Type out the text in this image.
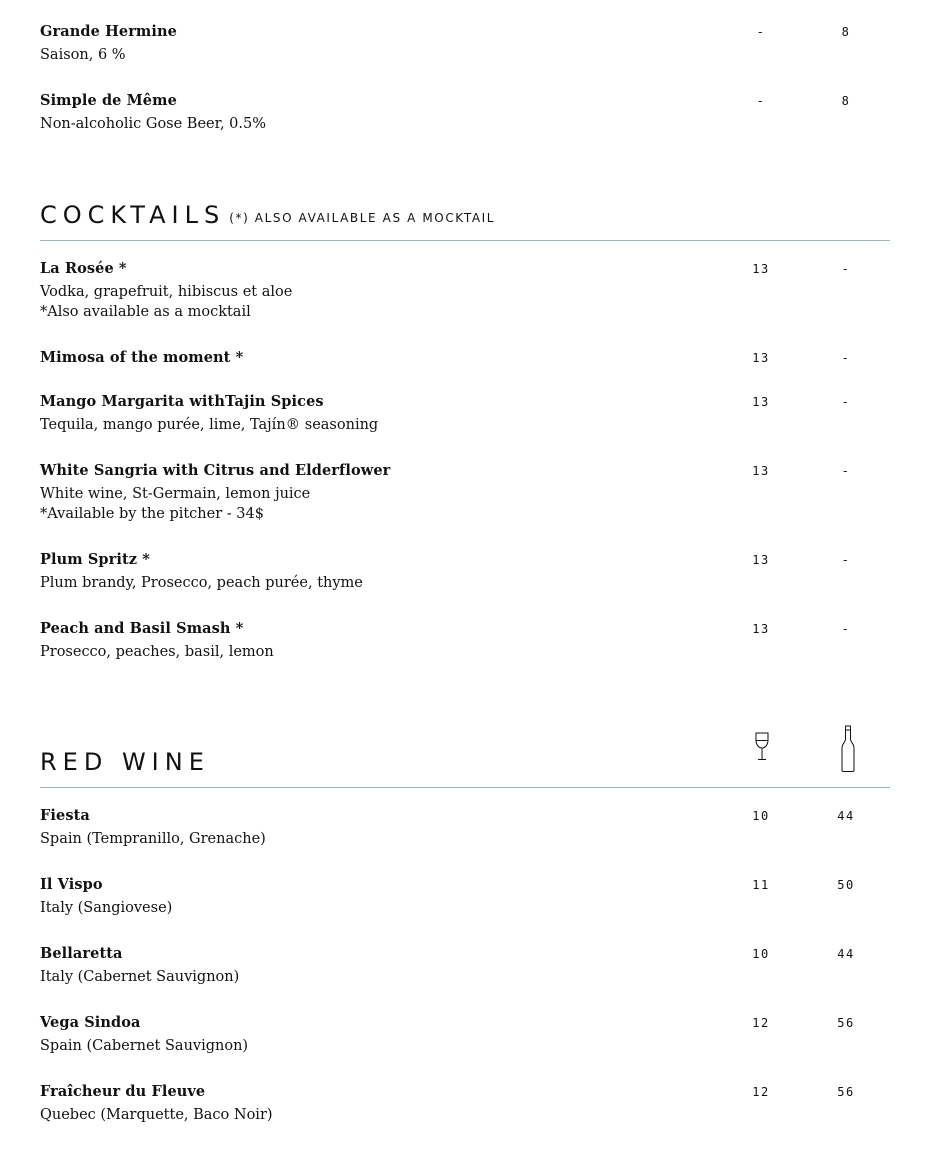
Grande Hermine
Saison, 6 %
-	8
Simple de Même
Non-alcoholic Gose Beer, 0.5%
-	8
COCKTAILS (*) ALSO AVAILABLE AS A MOCKTAIL
La Rosée *
Vodka, grapefruit, hibiscus et aloe
*Also available as a mocktail
13	-
Mimosa of the moment *	13	-
Mango Margarita withTajin Spices
Tequila, mango purée, lime, Tajín® seasoning
13	-
White Sangria with Citrus and Elderflower
White wine, St-Germain, lemon juice
*Available by the pitcher - 34$
13	-
Plum Spritz *
Plum brandy, Prosecco, peach purée, thyme
13	-
Peach and Basil Smash *
Prosecco, peaches, basil, lemon
13	-
RED WINE
Fiesta
Spain (Tempranillo, Grenache)
10	44
Il Vispo
Italy (Sangiovese)
11	50
Bellaretta
Italy (Cabernet Sauvignon)
10	44
Vega Sindoa
Spain (Cabernet Sauvignon)
12	56
Fraîcheur du Fleuve
Quebec (Marquette, Baco Noir)
12	56
